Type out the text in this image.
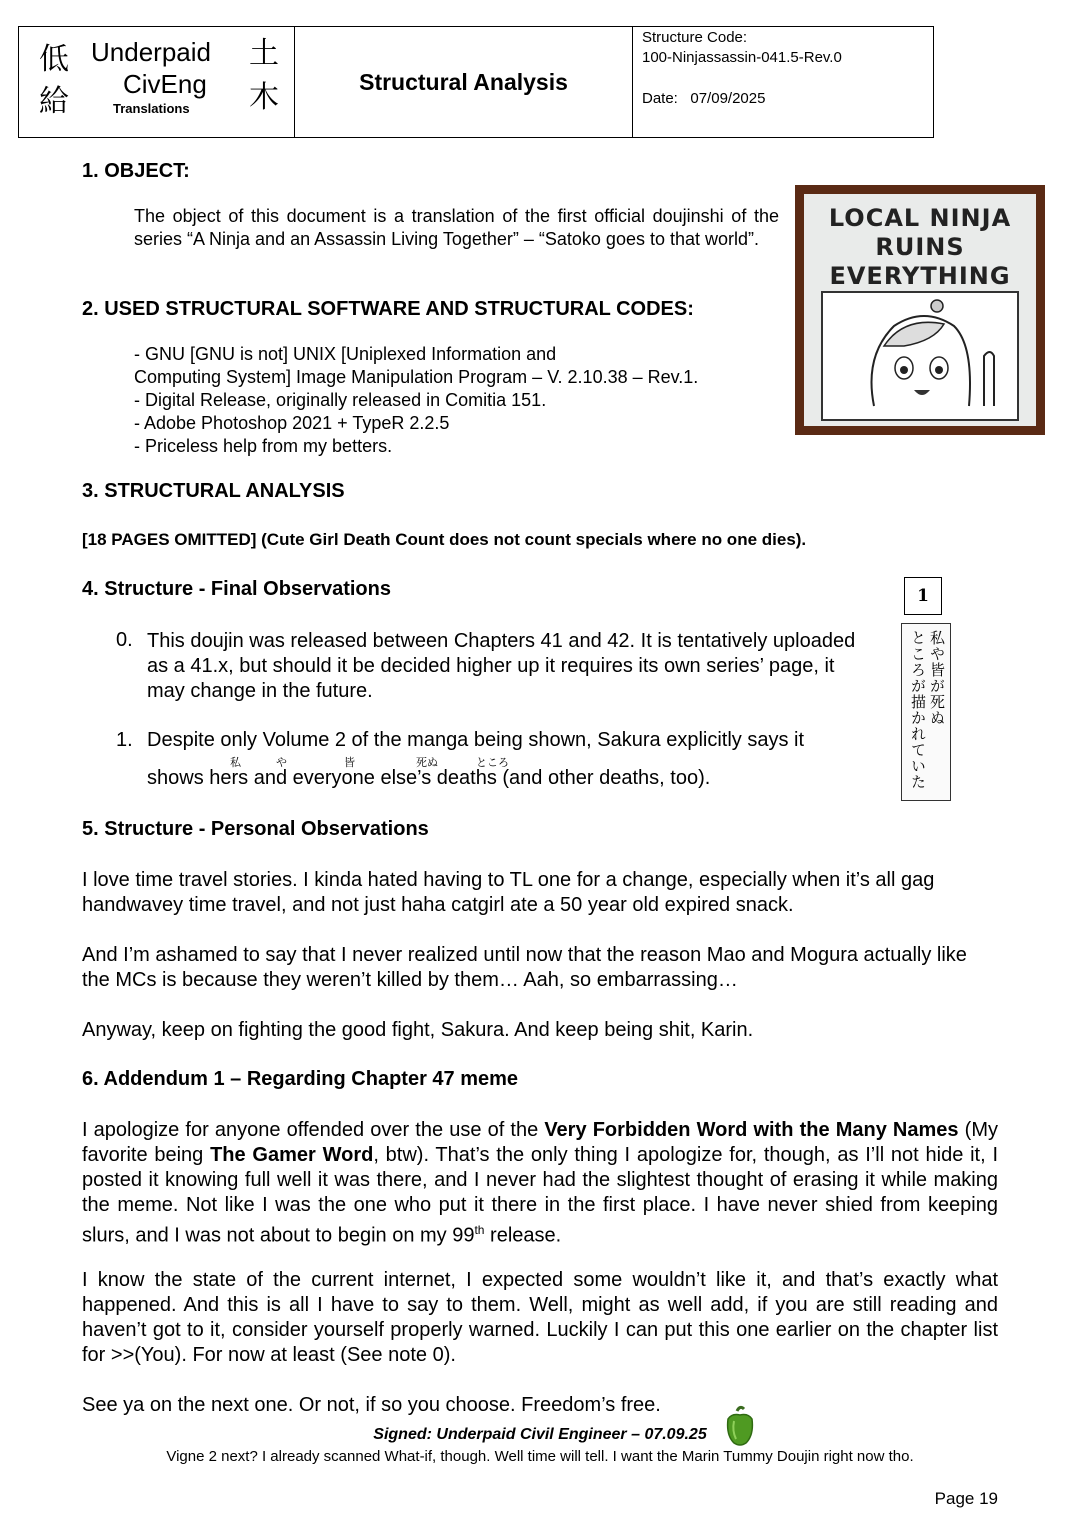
低
給
土
木
Underpaid
CivEng
Translations
Structural Analysis
Structure Code:
100-Ninjassassin-041.5-Rev.0
Date: 07/09/2025
1. OBJECT:
The object of this document is a translation of the first official doujinshi of the series “A Ninja and an Assassin Living Together” – “Satoko goes to that world”.
LOCAL NINJA
RUINS
EVERYTHING
2. USED STRUCTURAL SOFTWARE AND STRUCTURAL CODES:
- GNU [GNU is not] UNIX [Uniplexed Information and
Computing System] Image Manipulation Program – V. 2.10.38 – Rev.1.
- Digital Release, originally released in Comitia 151.
- Adobe Photoshop 2021 + TypeR 2.2.5
- Priceless help from my betters.
3. STRUCTURAL ANALYSIS
[18 PAGES OMITTED] (Cute Girl Death Count does not count specials where no one dies).
4. Structure - Final Observations	1
私や皆が死ぬ
ところが描かれていた
0. This doujin was released between Chapters 41 and 42. It is tentatively uploaded as a 41.x, but should it be decided higher up it requires its own series’ page, it may change in the future.
1. Despite only Volume 2 of the manga being shown, Sakura explicitly says it
私	や	皆	死ぬ	ところ
shows hers and everyone else’s deaths (and other deaths, too).
5. Structure - Personal Observations
I love time travel stories. I kinda hated having to TL one for a change, especially when it’s all gag handwavey time travel, and not just haha catgirl ate a 50 year old expired snack.
And I’m ashamed to say that I never realized until now that the reason Mao and Mogura actually like the MCs is because they weren’t killed by them… Aah, so embarrassing…
Anyway, keep on fighting the good fight, Sakura. And keep being shit, Karin.
6. Addendum 1 – Regarding Chapter 47 meme
I apologize for anyone offended over the use of the Very Forbidden Word with the Many Names (My favorite being The Gamer Word, btw). That’s the only thing I apologize for, though, as I’ll not hide it, I posted it knowing full well it was there, and I never had the slightest thought of erasing it while making the meme. Not like I was the one who put it there in the first place. I have never shied from keeping slurs, and I was not about to begin on my 99th release.
I know the state of the current internet, I expected some wouldn’t like it, and that’s exactly what happened. And this is all I have to say to them. Well, might as well add, if you are still reading and haven’t got to it, consider yourself properly warned. Luckily I can put this one earlier on the chapter list for >>(You). For now at least (See note 0).
See ya on the next one. Or not, if so you choose. Freedom’s free.
Signed: Underpaid Civil Engineer – 07.09.25
Vigne 2 next? I already scanned What-if, though. Well time will tell. I want the Marin Tummy Doujin right now tho.
Page 19
